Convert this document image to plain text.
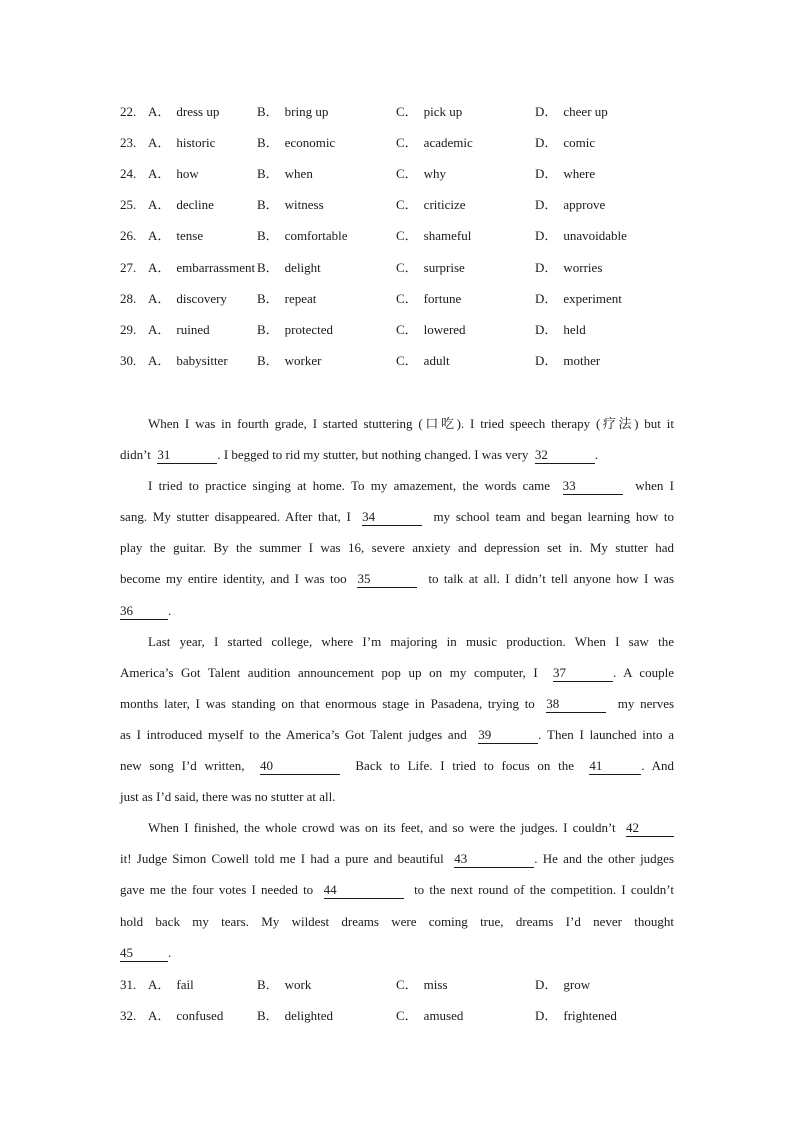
22. A． dress up	B． bring up	C． pick up	D． cheer up
23. A． historic	B． economic	C． academic	D． comic
24. A． how	B． when	C． why	D． where
25. A． decline	B． witness	C． criticize	D． approve
26. A． tense	B． comfortable	C． shameful	D． unavoidable
27. A． embarrassment B． delight	C． surprise	D． worries
28. A． discovery B． repeat	C． fortune	D． experiment
29. A． ruined	B． protected	C． lowered	D． held
30. A． babysitter B． worker	C． adult	D． mother
When I was in fourth grade, I started stuttering (口吃). I tried speech therapy (疗法) but it
didn’t 31	. I begged to rid my stutter, but nothing changed. I was very 32	.
I tried to practice singing at home. To my amazement, the words came 33	when I
sang. My stutter disappeared. After that, I 34	my school team and began learning how to
play the guitar. By the summer I was 16, severe anxiety and depression set in. My stutter had
become my entire identity, and I was too 35	to talk at all. I didn’t tell anyone how I was
36	.
Last year, I started college, where I’m majoring in music production. When I saw the
America’s Got Talent audition announcement pop up on my computer, I 37	. A couple
months later, I was standing on that enormous stage in Pasadena, trying to 38	my nerves
as I introduced myself to the America’s Got Talent judges and 39	. Then I launched into a
new song I’d written, 40	Back to Life. I tried to focus on the 41	. And
just as I’d said, there was no stutter at all.
When I finished, the whole crowd was on its feet, and so were the judges. I couldn’t 42
it! Judge Simon Cowell told me I had a pure and beautiful 43	. He and the other judges
gave me the four votes I needed to 44	to the next round of the competition. I couldn’t
hold back my tears. My wildest dreams were coming true, dreams I’d never thought
45	.
31. A． fail	B． work	C． miss	D． grow
32. A． confused	B． delighted	C． amused	D． frightened
